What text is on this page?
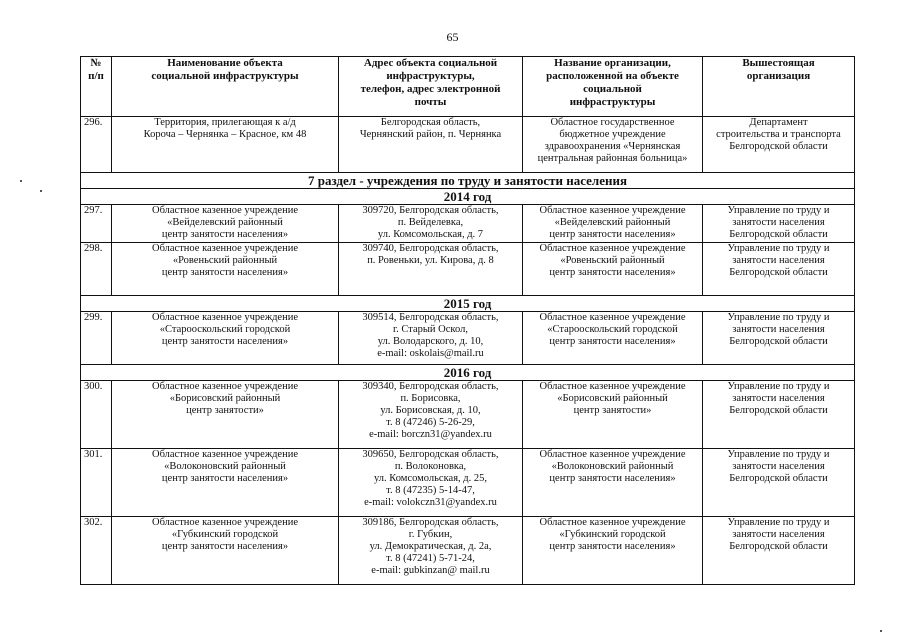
65
№
п/п	Наименование объекта
социальной инфраструктуры	Адрес объекта социальной
инфраструктуры,
телефон, адрес электронной
почты	Название организации,
расположенной на объекте
социальной
инфраструктуры	Вышестоящая
организация

296.	Территория, прилегающая к а/д
Короча – Чернянка – Красное, км 48	Белгородская область,
Чернянский район, п. Чернянка	Областное государственное
бюджетное учреждение
здравоохранения «Чернянская
центральная районная больница»	Департамент
строительства и транспорта
Белгородской области

7 раздел - учреждения по труду и занятости населения				
2014 год				
297.	Областное казенное учреждение
«Вейделевский районный
центр занятости населения»	309720, Белгородская область,
п. Вейделевка,
ул. Комсомольская, д. 7	Областное казенное учреждение
«Вейделевский районный
центр занятости населения»	Управление по труду и
занятости населения
Белгородской области

298.	Областное казенное учреждение
«Ровеньский районный
центр занятости населения»	309740, Белгородская область,
п. Ровеньки, ул. Кирова, д. 8	Областное казенное учреждение
«Ровеньский районный
центр занятости населения»	Управление по труду и
занятости населения
Белгородской области

2015 год				
299.	Областное казенное учреждение
«Старооскольский городской
центр занятости населения»	309514, Белгородская область,
г. Старый Оскол,
ул. Володарского, д. 10,
e-mail: oskolais@mail.ru	Областное казенное учреждение
«Старооскольский городской
центр занятости населения»	Управление по труду и
занятости населения
Белгородской области

2016 год				
300.	Областное казенное учреждение
«Борисовский районный
центр занятости»	309340, Белгородская область,
п. Борисовка,
ул. Борисовская, д. 10,
т. 8 (47246) 5-26-29,
e-mail: borczn31@yandex.ru	Областное казенное учреждение
«Борисовский районный
центр занятости»	Управление по труду и
занятости населения
Белгородской области

301.	Областное казенное учреждение
«Волоконовский районный
центр занятости населения»	309650, Белгородская область,
п. Волоконовка,
ул. Комсомольская, д. 25,
т. 8 (47235) 5-14-47,
e-mail: volokczn31@yandex.ru	Областное казенное учреждение
«Волоконовский районный
центр занятости населения»	Управление по труду и
занятости населения
Белгородской области

302.	Областное казенное учреждение
«Губкинский городской
центр занятости населения»	309186, Белгородская область,
г. Губкин,
ул. Демократическая, д. 2а,
т. 8 (47241) 5-71-24,
e-mail: gubkinzan@ mail.ru	Областное казенное учреждение
«Губкинский городской
центр занятости населения»	Управление по труду и
занятости населения
Белгородской области
